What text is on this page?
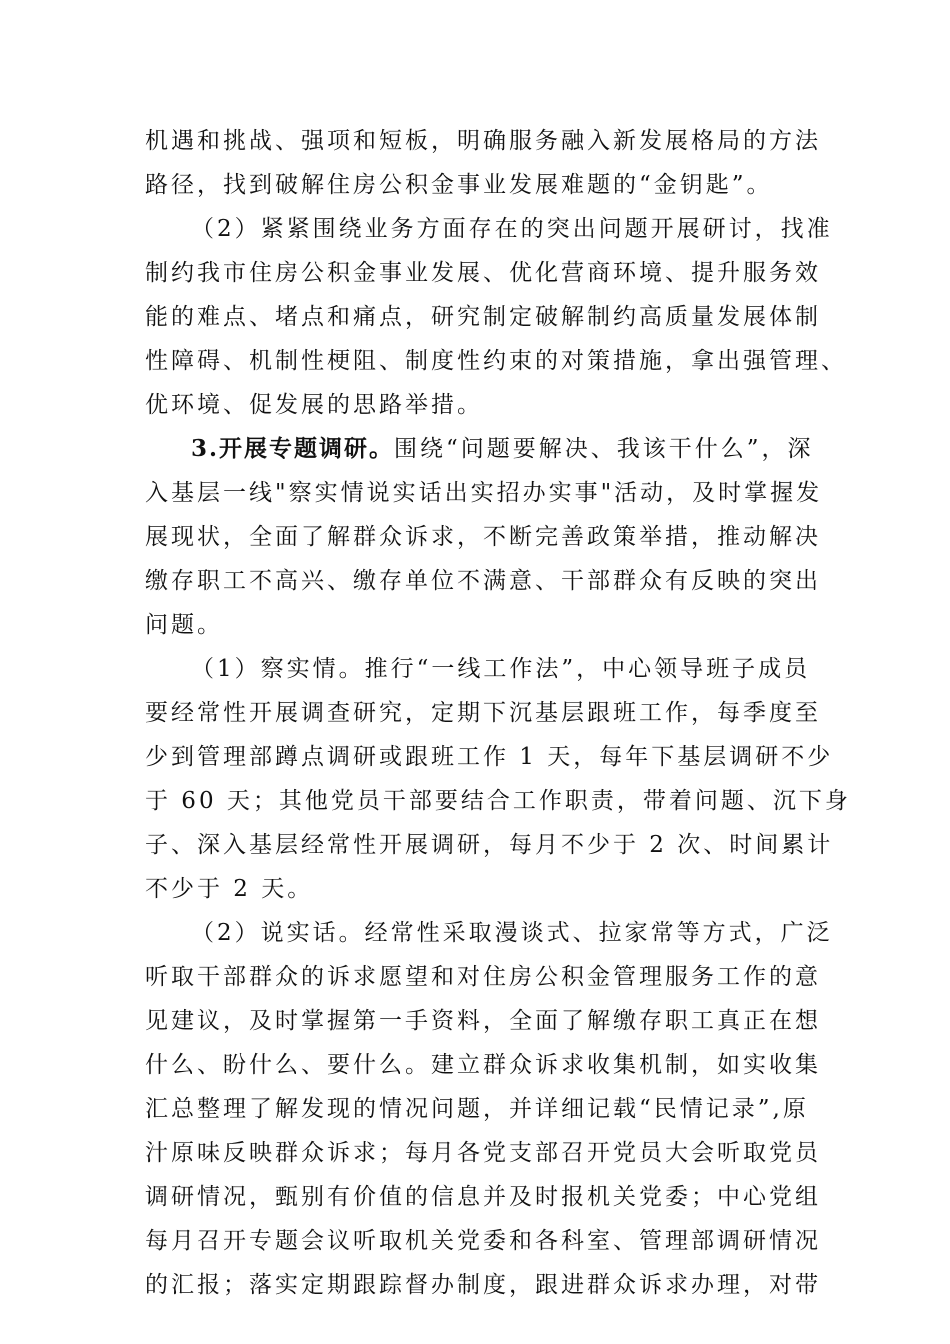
机遇和挑战、强项和短板，明确服务融入新发展格局的方法
路径，找到破解住房公积金事业发展难题的“金钥匙”。
（2）紧紧围绕业务方面存在的突出问题开展研讨，找准
制约我市住房公积金事业发展、优化营商环境、提升服务效
能的难点、堵点和痛点，研究制定破解制约高质量发展体制
性障碍、机制性梗阻、制度性约束的对策措施，拿出强管理、
优环境、促发展的思路举措。
3.开展专题调研。围绕“问题要解决、我该干什么”，深
入基层一线"察实情说实话出实招办实事"活动，及时掌握发
展现状，全面了解群众诉求，不断完善政策举措，推动解决
缴存职工不高兴、缴存单位不满意、干部群众有反映的突出
问题。
（1）察实情。推行“一线工作法”，中心领导班子成员
要经常性开展调查研究，定期下沉基层跟班工作，每季度至
少到管理部蹲点调研或跟班工作 1 天，每年下基层调研不少
于 60 天；其他党员干部要结合工作职责，带着问题、沉下身
子、深入基层经常性开展调研，每月不少于 2 次、时间累计
不少于 2 天。
（2）说实话。经常性采取漫谈式、拉家常等方式，广泛
听取干部群众的诉求愿望和对住房公积金管理服务工作的意
见建议，及时掌握第一手资料，全面了解缴存职工真正在想
什么、盼什么、要什么。建立群众诉求收集机制，如实收集
汇总整理了解发现的情况问题，并详细记载“民情记录”,原
汁原味反映群众诉求；每月各党支部召开党员大会听取党员
调研情况，甄别有价值的信息并及时报机关党委；中心党组
每月召开专题会议听取机关党委和各科室、管理部调研情况
的汇报；落实定期跟踪督办制度，跟进群众诉求办理，对带
